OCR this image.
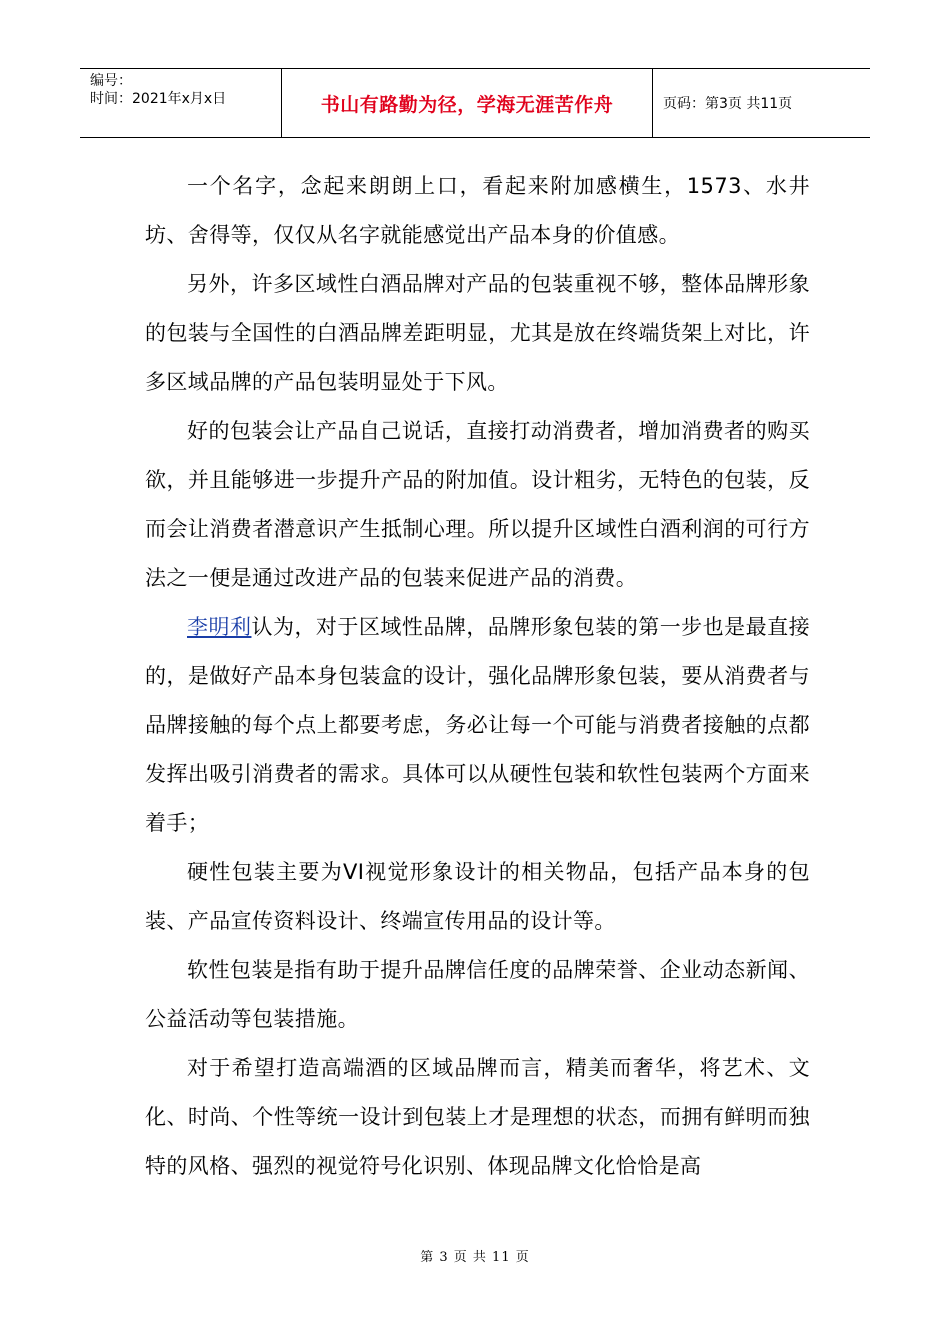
编号：
时间：2021年x月x日	书山有路勤为径，学海无涯苦作舟	页码：第3页 共11页

一个名字，念起来朗朗上口，看起来附加感横生，1573、水井坊、舍得等，仅仅从名字就能感觉出产品本身的价值感。

另外，许多区域性白酒品牌对产品的包装重视不够，整体品牌形象的包装与全国性的白酒品牌差距明显，尤其是放在终端货架上对比，许多区域品牌的产品包装明显处于下风。

好的包装会让产品自己说话，直接打动消费者，增加消费者的购买欲，并且能够进一步提升产品的附加值。设计粗劣，无特色的包装，反而会让消费者潜意识产生抵制心理。所以提升区域性白酒利润的可行方法之一便是通过改进产品的包装来促进产品的消费。

李明利认为，对于区域性品牌，品牌形象包装的第一步也是最直接的，是做好产品本身包装盒的设计，强化品牌形象包装，要从消费者与品牌接触的每个点上都要考虑，务必让每一个可能与消费者接触的点都发挥出吸引消费者的需求。具体可以从硬性包装和软性包装两个方面来着手；

硬性包装主要为VI视觉形象设计的相关物品，包括产品本身的包装、产品宣传资料设计、终端宣传用品的设计等。

软性包装是指有助于提升品牌信任度的品牌荣誉、企业动态新闻、公益活动等包装措施。

对于希望打造高端酒的区域品牌而言，精美而奢华，将艺术、文化、时尚、个性等统一设计到包装上才是理想的状态，而拥有鲜明而独特的风格、强烈的视觉符号化识别、体现品牌文化恰恰是高

第 3 页 共 11 页
